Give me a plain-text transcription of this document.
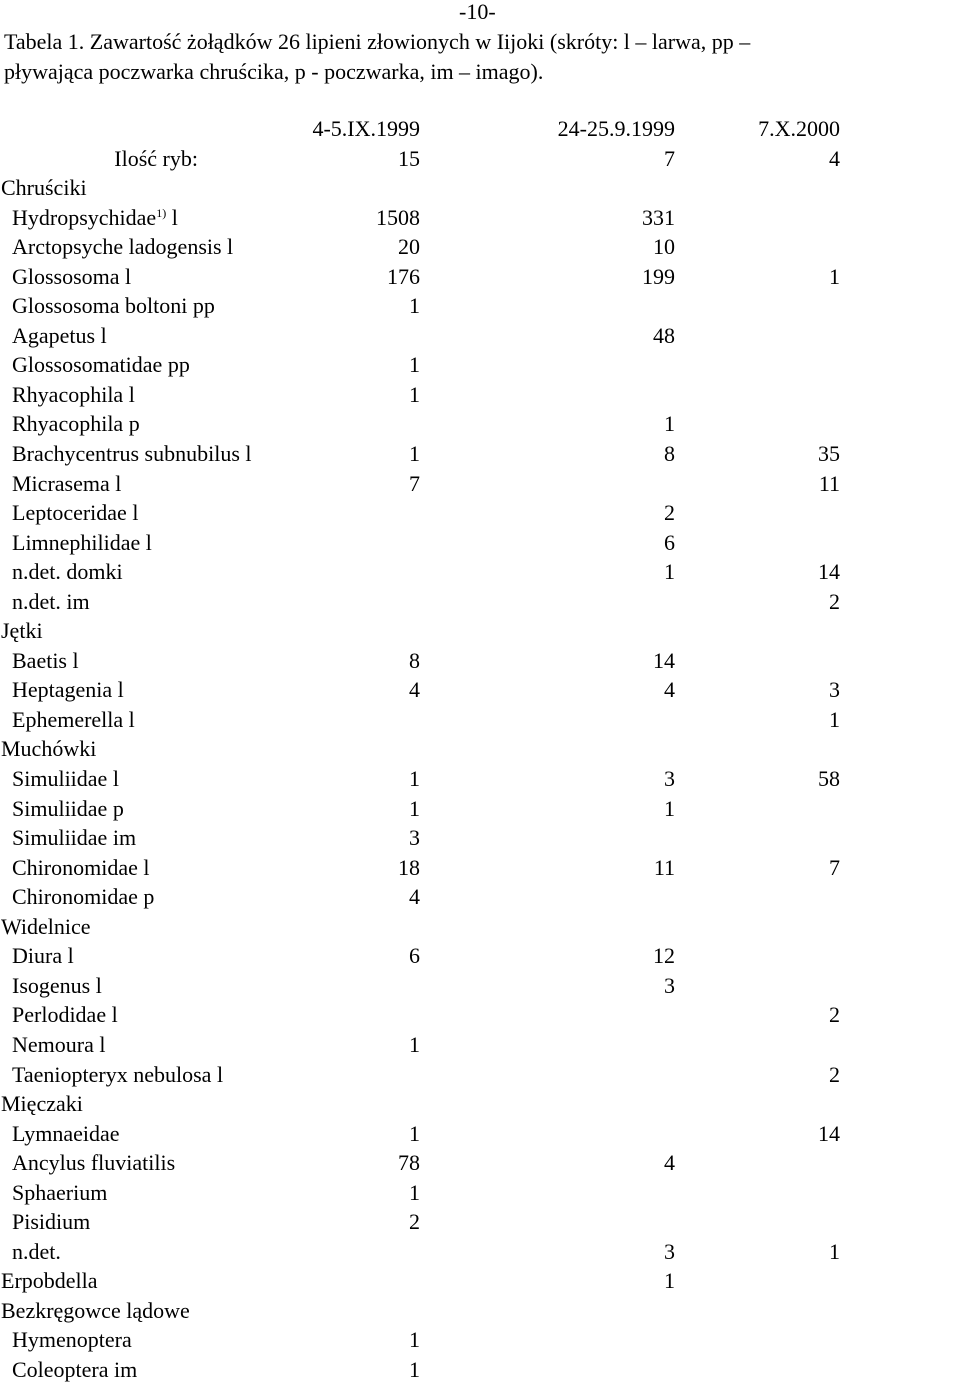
-10-
Tabela 1. Zawartość żołądków 26 lipieni złowionych w Iijoki (skróty: l – larwa, pp –
pływająca poczwarka chruścika, p - poczwarka, im – imago).
	4-5.IX.1999	24-25.9.1999	7.X.2000	
Ilość ryb:	15	7	4	
Chruściki				
Hydropsychidae$^{1)}$ l	1508	331		
Arctopsyche ladogensis l	20	10		
Glossosoma l	176	199	1	
Glossosoma boltoni pp	1			
Agapetus l		48		
Glossosomatidae pp	1			
Rhyacophila l	1			
Rhyacophila p		1		
Brachycentrus subnubilus l	1	8	35	
Micrasema l	7		11	
Leptoceridae l		2		
Limnephilidae l		6		
n.det. domki		1	14	
n.det. im			2	
Jętki				
Baetis l	8	14		
Heptagenia l	4	4	3	
Ephemerella l			1	
Muchówki				
Simuliidae l	1	3	58	
Simuliidae p	1	1		
Simuliidae im	3			
Chironomidae l	18	11	7	
Chironomidae p	4			
Widelnice				
Diura l	6	12		
Isogenus l		3		
Perlodidae l			2	
Nemoura l	1			
Taeniopteryx nebulosa l			2	
Mięczaki				
Lymnaeidae	1		14	
Ancylus fluviatilis	78	4		
Sphaerium	1			
Pisidium	2			
n.det.		3	1	
Erpobdella		1		
Bezkręgowce lądowe				
Hymenoptera	1			
Coleoptera im	1			
